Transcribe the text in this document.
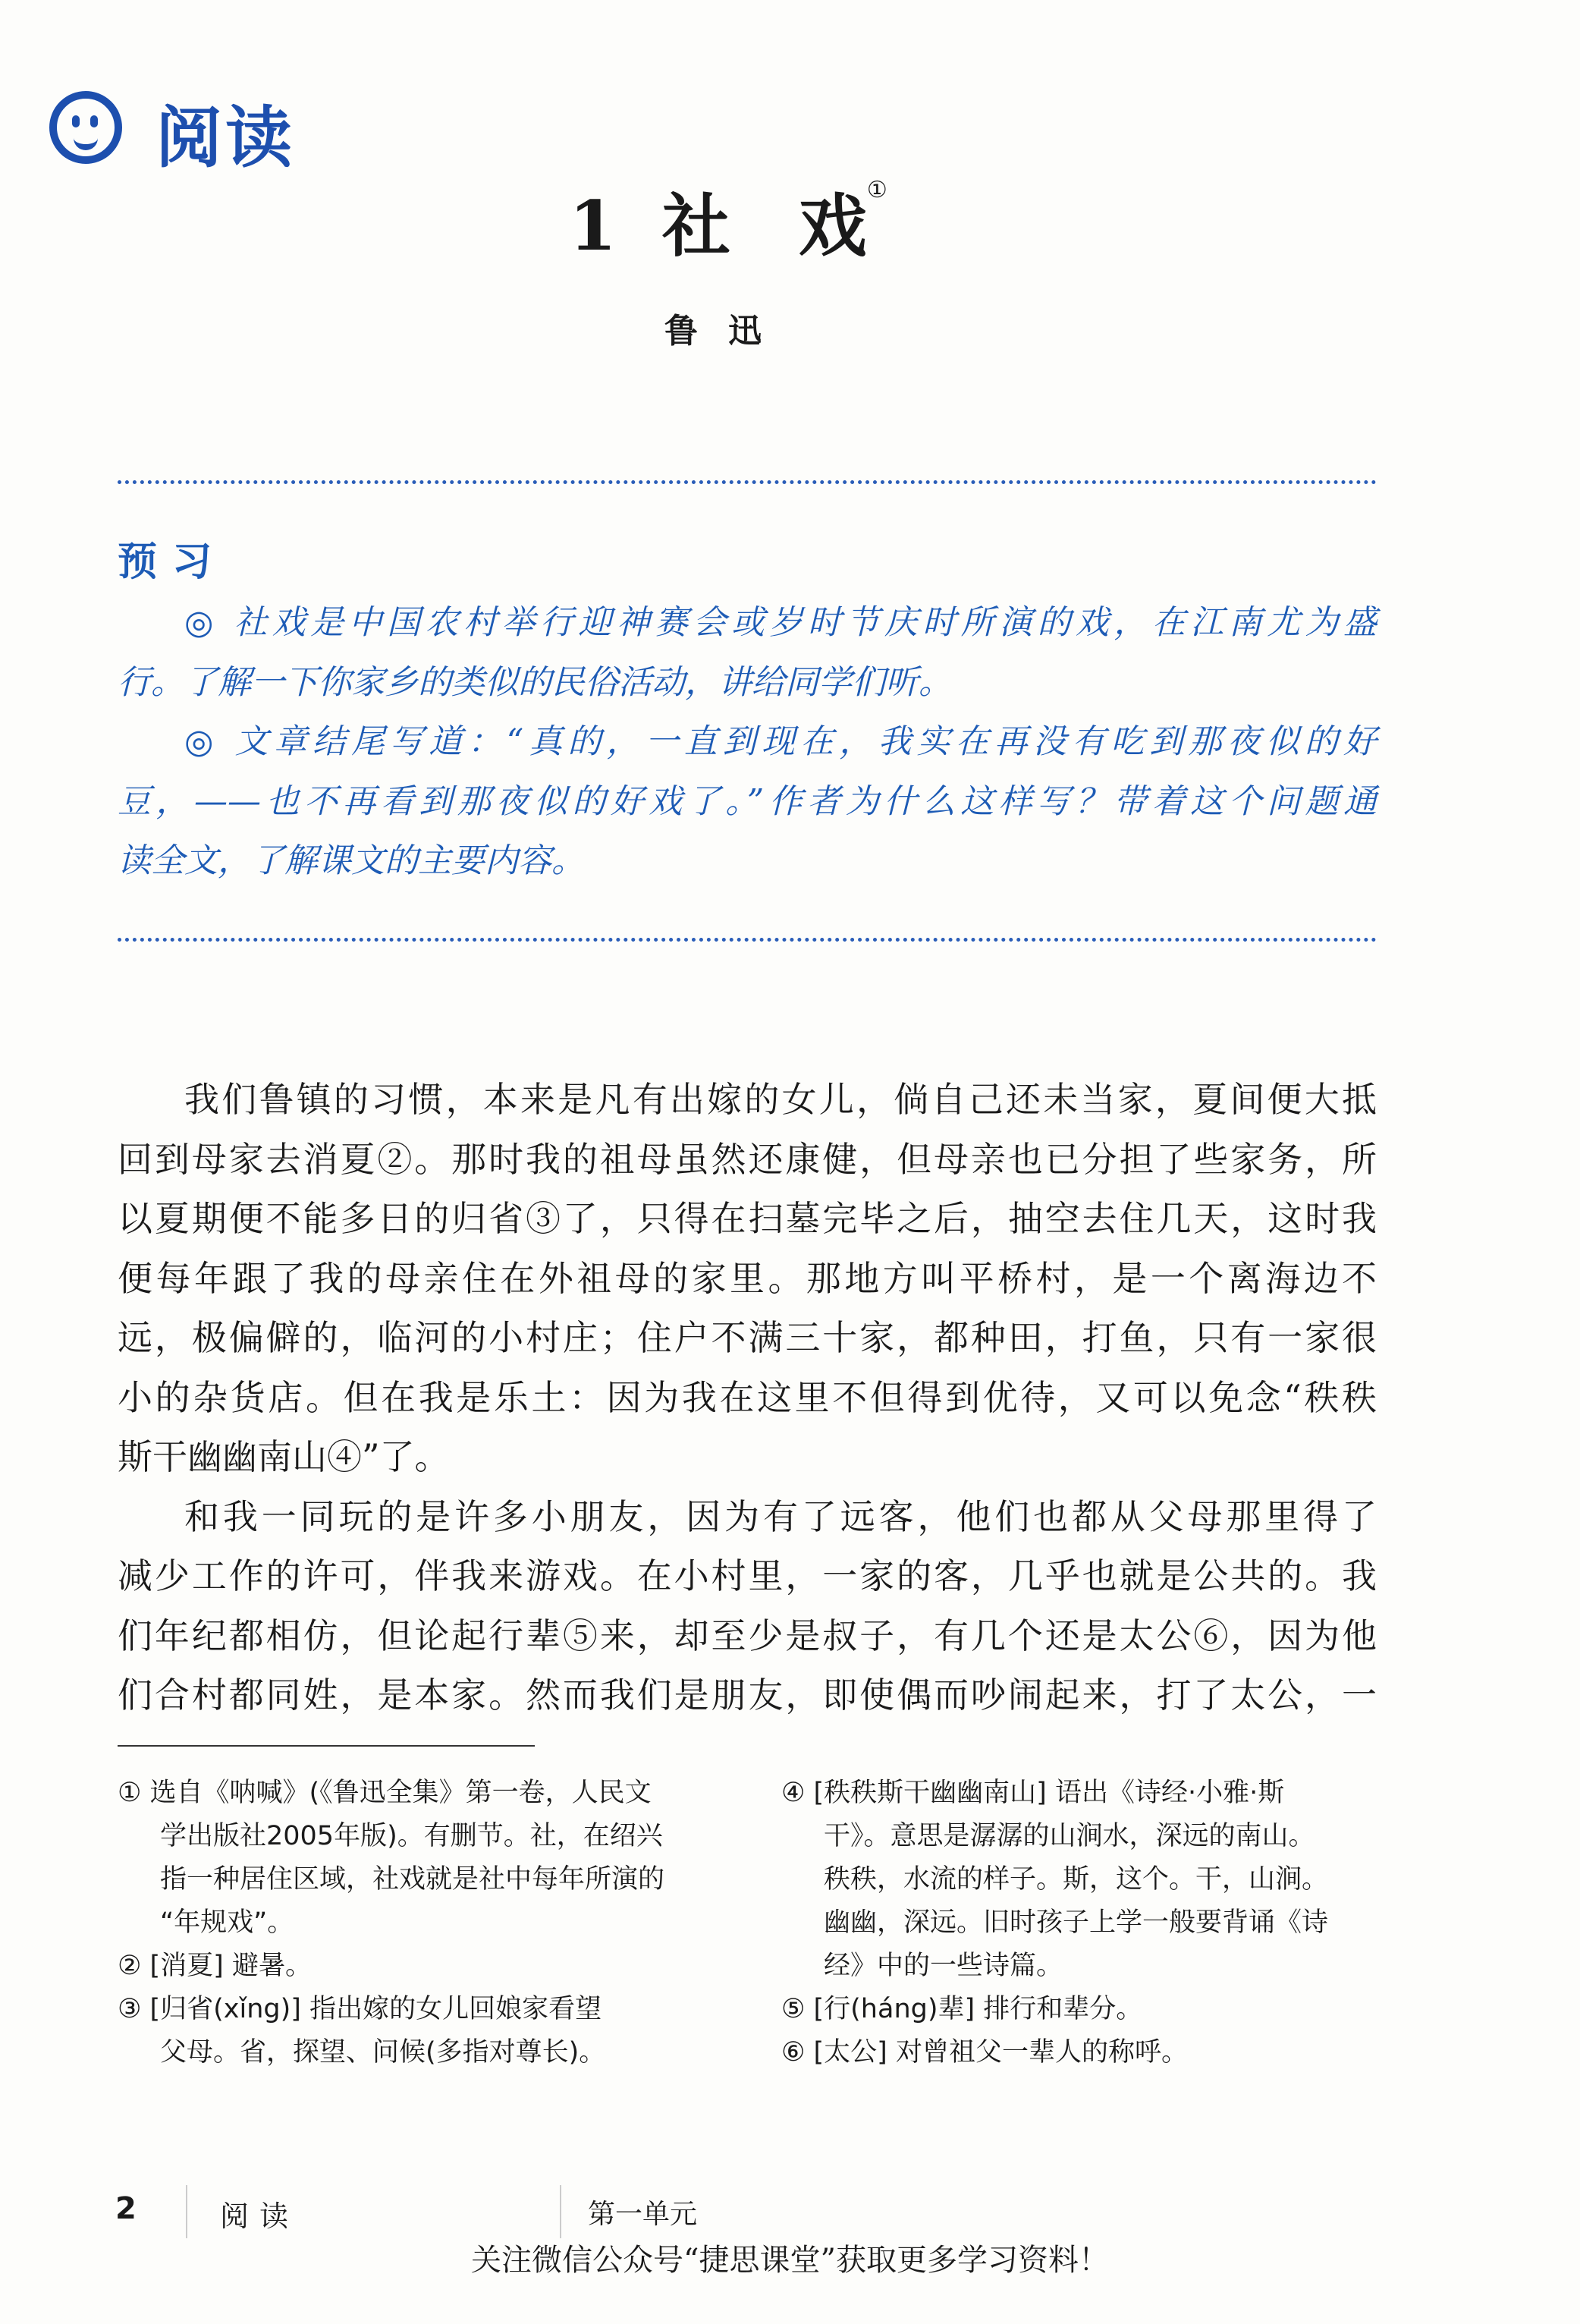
阅读
1 社　戏①
鲁迅
预习
◎ 社戏是中国农村举行迎神赛会或岁时节庆时所演的戏，在江南尤为盛
行。了解一下你家乡的类似的民俗活动，讲给同学们听。
◎ 文章结尾写道：“真的，一直到现在，我实在再没有吃到那夜似的好
豆，——也不再看到那夜似的好戏了。”作者为什么这样写？带着这个问题通
读全文，了解课文的主要内容。
我们鲁镇的习惯，本来是凡有出嫁的女儿，倘自己还未当家，夏间便大抵
回到母家去消夏②。那时我的祖母虽然还康健，但母亲也已分担了些家务，所
以夏期便不能多日的归省③了，只得在扫墓完毕之后，抽空去住几天，这时我
便每年跟了我的母亲住在外祖母的家里。那地方叫平桥村，是一个离海边不
远，极偏僻的，临河的小村庄；住户不满三十家，都种田，打鱼，只有一家很
小的杂货店。但在我是乐土：因为我在这里不但得到优待，又可以免念“秩秩
斯干幽幽南山④”了。
和我一同玩的是许多小朋友，因为有了远客，他们也都从父母那里得了
减少工作的许可，伴我来游戏。在小村里，一家的客，几乎也就是公共的。我
们年纪都相仿，但论起行辈⑤来，却至少是叔子，有几个还是太公⑥，因为他
们合村都同姓，是本家。然而我们是朋友，即使偶而吵闹起来，打了太公，一
① 选自《呐喊》(《鲁迅全集》第一卷，人民文
学出版社2005年版)。有删节。社，在绍兴
指一种居住区域，社戏就是社中每年所演的
“年规戏”。
② [消夏] 避暑。
③ [归省(xǐng)] 指出嫁的女儿回娘家看望
父母。省，探望、问候(多指对尊长)。
④ [秩秩斯干幽幽南山] 语出《诗经·小雅·斯
干》。意思是潺潺的山涧水，深远的南山。
秩秩，水流的样子。斯，这个。干，山涧。
幽幽，深远。旧时孩子上学一般要背诵《诗
经》中的一些诗篇。
⑤ [行(háng)辈] 排行和辈分。
⑥ [太公] 对曾祖父一辈人的称呼。
2	阅读	第一单元
关注微信公众号“捷思课堂”获取更多学习资料！
